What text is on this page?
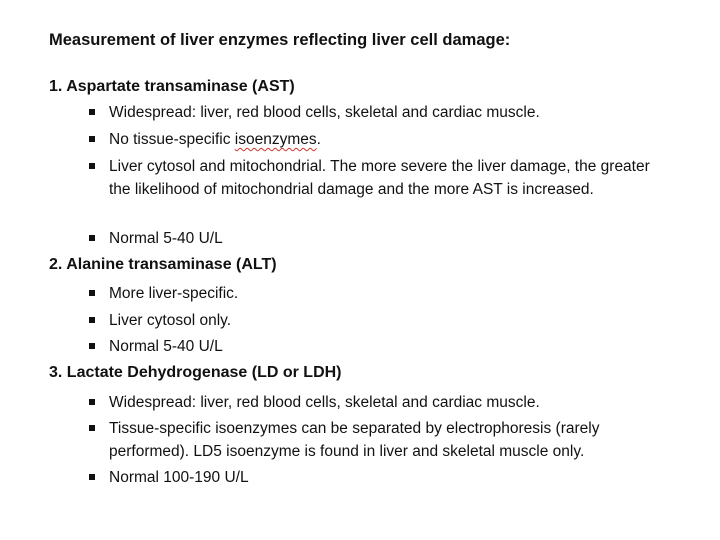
Measurement of liver enzymes reflecting liver cell damage:
1. Aspartate transaminase (AST)
Widespread: liver, red blood cells, skeletal and cardiac muscle.
No tissue-specific isoenzymes.
Liver cytosol and mitochondrial. The more severe the liver damage, the greater the likelihood of mitochondrial damage and the more AST is increased.
Normal 5-40 U/L
2. Alanine transaminase (ALT)
More liver-specific.
Liver cytosol only.
Normal 5-40 U/L
3. Lactate Dehydrogenase (LD or LDH)
Widespread: liver, red blood cells, skeletal and cardiac muscle.
Tissue-specific isoenzymes can be separated by electrophoresis (rarely performed). LD5 isoenzyme is found in liver and skeletal muscle only.
Normal 100-190 U/L
